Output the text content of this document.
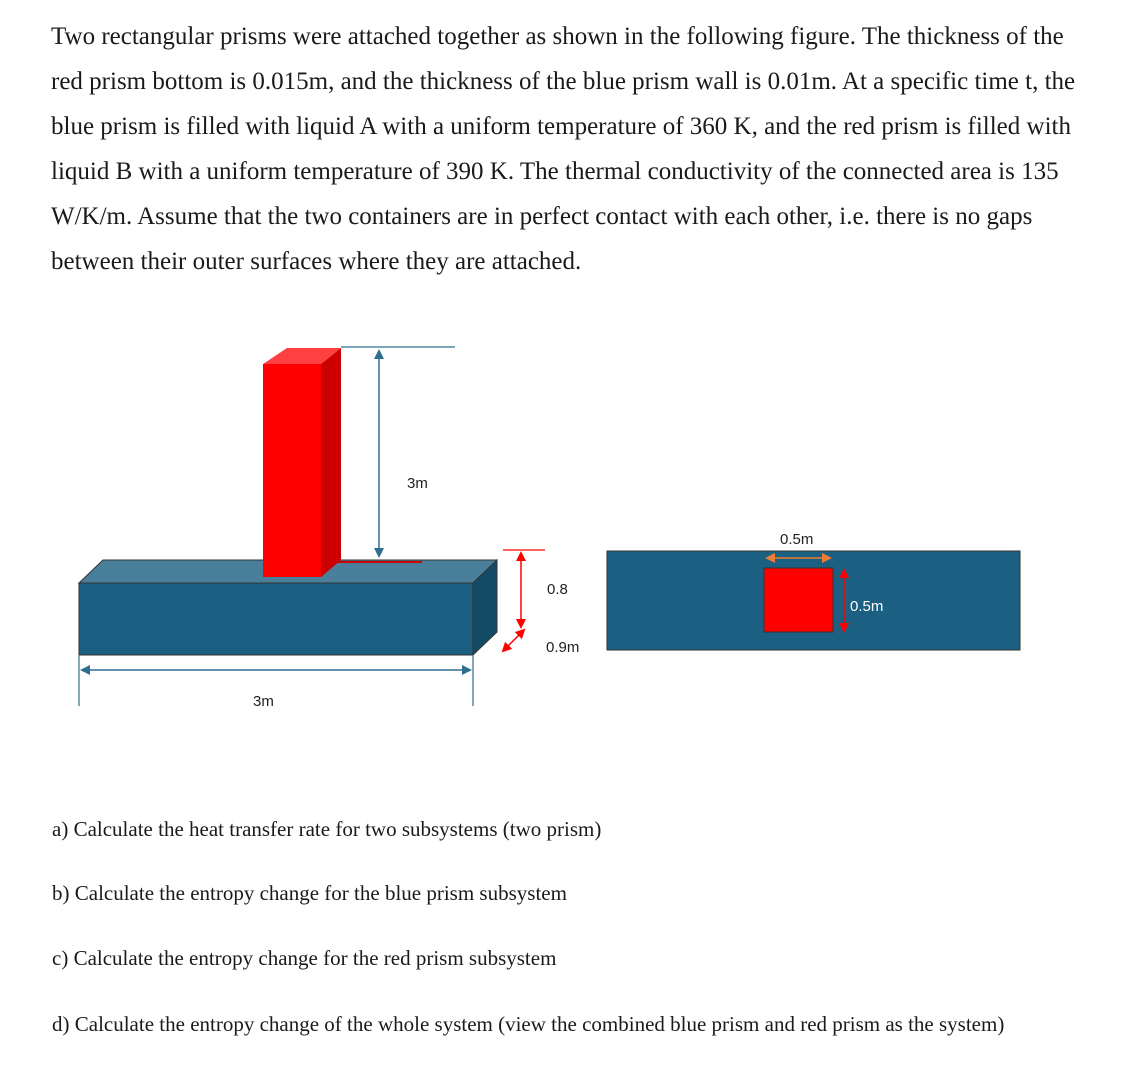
Two rectangular prisms were attached together as shown in the following figure. The thickness of the red prism bottom is 0.015m, and the thickness of the blue prism wall is 0.01m. At a specific time t, the blue prism is filled with liquid A with a uniform temperature of 360 K, and the red prism is filled with liquid B with a uniform temperature of 390 K. The thermal conductivity of the connected area is 135 W/K/m. Assume that the two containers are in perfect contact with each other, i.e. there is no gaps between their outer surfaces where they are attached.

3m
0.8
0.9m
3m
0.5m
0.5m

a) Calculate the heat transfer rate for two subsystems (two prism)

b) Calculate the entropy change for the blue prism subsystem

c) Calculate the entropy change for the red prism subsystem

d) Calculate the entropy change of the whole system (view the combined blue prism and red prism as the system)
